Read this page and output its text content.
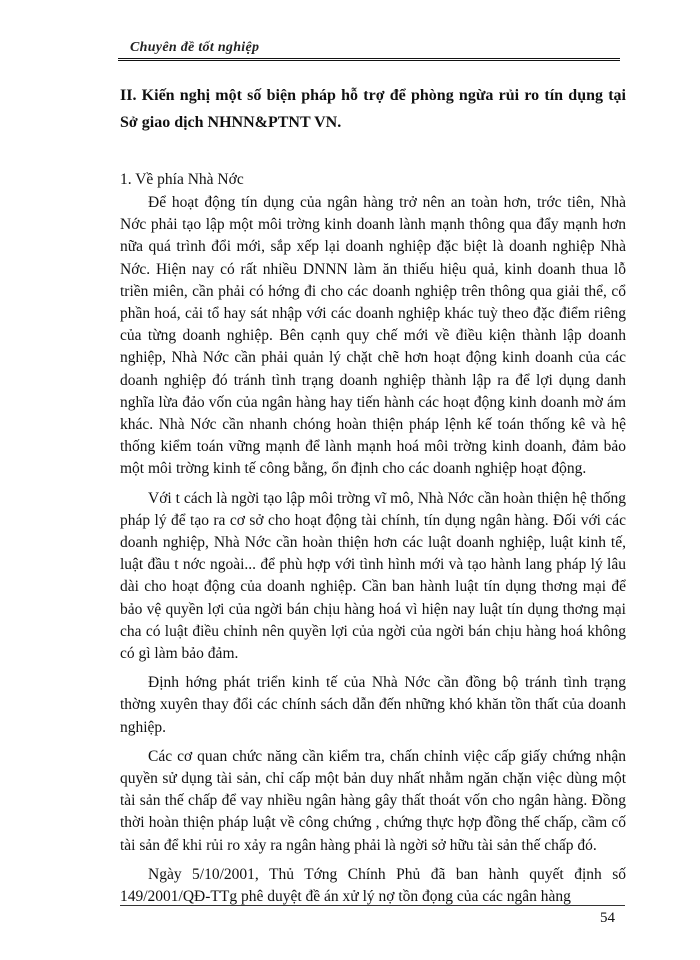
Chuyên đề tốt nghiệp

II. Kiến nghị một số biện pháp hỗ trợ để phòng ngừa rủi ro tín dụng tại Sở giao dịch NHNN&PTNT VN.

1. Về phía Nhà Nớc

Để hoạt động tín dụng của ngân hàng trở nên an toàn hơn, trớc tiên, Nhà Nớc phải tạo lập một môi trờng kinh doanh lành mạnh thông qua đẩy mạnh hơn nữa quá trình đổi mới, sắp xếp lại doanh nghiệp đặc biệt là doanh nghiệp Nhà Nớc. Hiện nay có rất nhiều DNNN làm ăn thiếu hiệu quả, kinh doanh thua lỗ triền miên, cần phải có hớng đi cho các doanh nghiệp trên thông qua giải thể, cổ phần hoá, cải tổ hay sát nhập với các doanh nghiệp khác tuỳ theo đặc điểm riêng của từng doanh nghiệp. Bên cạnh quy chế mới về điều kiện thành lập doanh nghiệp, Nhà Nớc cần phải quản lý chặt chẽ hơn hoạt động kinh doanh của các doanh nghiệp đó tránh tình trạng doanh nghiệp thành lập ra để lợi dụng danh nghĩa lừa đảo vốn của ngân hàng hay tiến hành các hoạt động kinh doanh mờ ám khác. Nhà Nớc cần nhanh chóng hoàn thiện pháp lệnh kế toán thống kê và hệ thống kiểm toán vững mạnh để lành mạnh hoá môi trờng kinh doanh, đảm bảo một môi trờng kinh tế công bằng, ổn định cho các doanh nghiệp hoạt động.

Với t cách là ngời tạo lập môi trờng vĩ mô, Nhà Nớc cần hoàn thiện hệ thống pháp lý để tạo ra cơ sở cho hoạt động tài chính, tín dụng ngân hàng. Đối với các doanh nghiệp, Nhà Nớc cần hoàn thiện hơn các luật doanh nghiệp, luật kinh tế, luật đầu t nớc ngoài... để phù hợp với tình hình mới và tạo hành lang pháp lý lâu dài cho hoạt động của doanh nghiệp. Cần ban hành luật tín dụng thơng mại để bảo vệ quyền lợi của ngời bán chịu hàng hoá vì hiện nay luật tín dụng thơng mại cha có luật điều chỉnh nên quyền lợi của ngời của ngời bán chịu hàng hoá không có gì làm bảo đảm.

Định hớng phát triển kinh tế của Nhà Nớc cần đồng bộ tránh tình trạng thờng xuyên thay đổi các chính sách dẫn đến những khó khăn tồn thất của doanh nghiệp.

Các cơ quan chức năng cần kiểm tra, chấn chỉnh việc cấp giấy chứng nhận quyền sử dụng tài sản, chỉ cấp một bản duy nhất nhằm ngăn chặn việc dùng một tài sản thế chấp để vay nhiều ngân hàng gây thất thoát vốn cho ngân hàng. Đồng thời hoàn thiện pháp luật về công chứng , chứng thực hợp đồng thế chấp, cầm cố tài sản để khi rủi ro xảy ra ngân hàng phải là ngời sở hữu tài sản thế chấp đó.

Ngày 5/10/2001, Thủ Tớng Chính Phủ đã ban hành quyết định số 149/2001/QĐ-TTg phê duyệt đề án xử lý nợ tồn đọng của các ngân hàng

54
